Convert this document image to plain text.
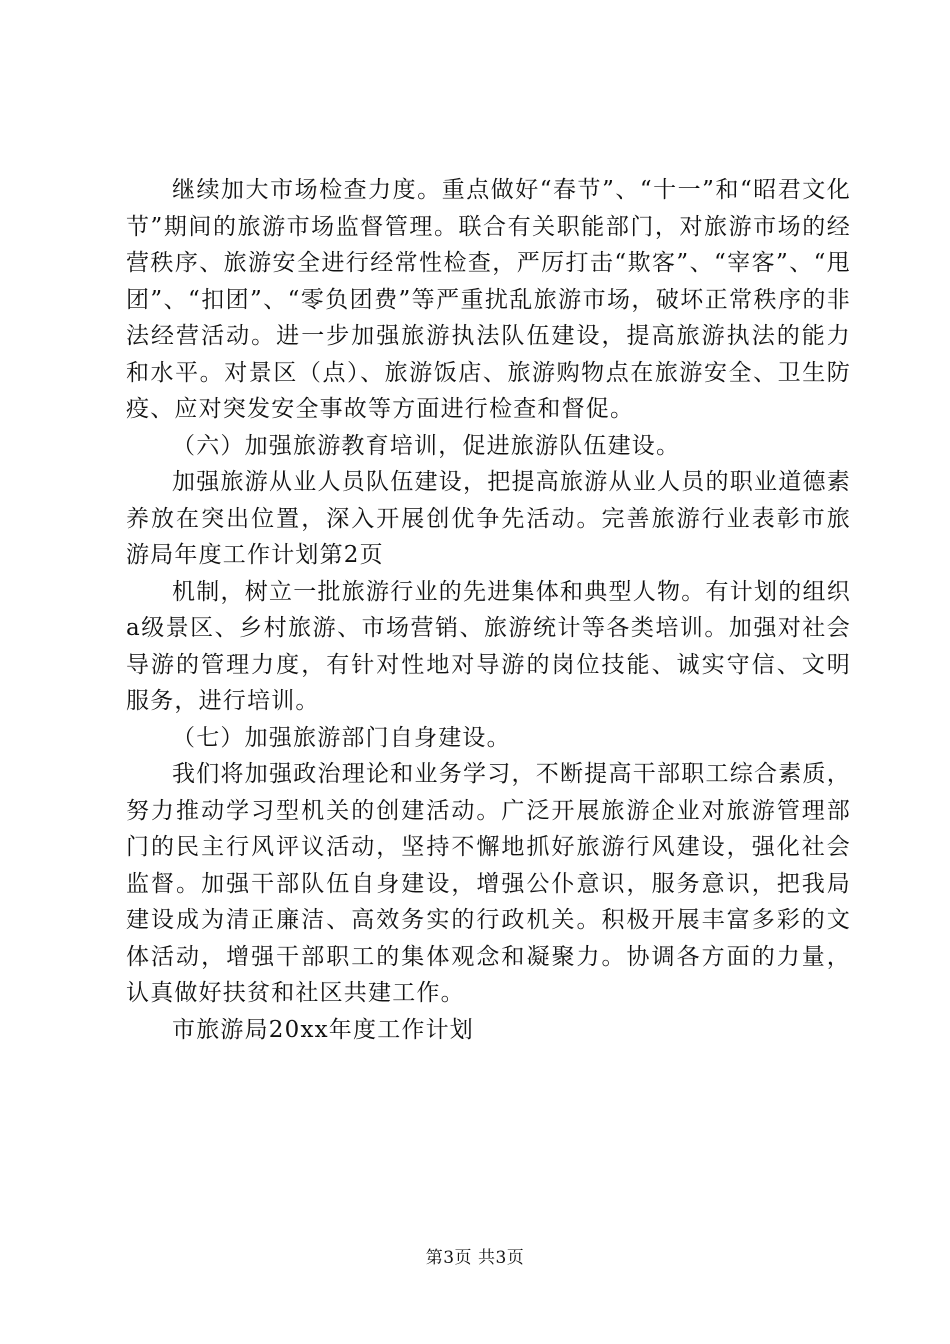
继续加大市场检查力度。重点做好“春节”、“十一”和“昭君文化节”期间的旅游市场监督管理。联合有关职能部门，对旅游市场的经营秩序、旅游安全进行经常性检查，严厉打击“欺客”、“宰客”、“甩团”、“扣团”、“零负团费”等严重扰乱旅游市场，破坏正常秩序的非法经营活动。进一步加强旅游执法队伍建设，提高旅游执法的能力和水平。对景区（点）、旅游饭店、旅游购物点在旅游安全、卫生防疫、应对突发安全事故等方面进行检查和督促。

（六）加强旅游教育培训，促进旅游队伍建设。

加强旅游从业人员队伍建设，把提高旅游从业人员的职业道德素养放在突出位置，深入开展创优争先活动。完善旅游行业表彰市旅游局年度工作计划第2页

机制，树立一批旅游行业的先进集体和典型人物。有计划的组织a级景区、乡村旅游、市场营销、旅游统计等各类培训。加强对社会导游的管理力度，有针对性地对导游的岗位技能、诚实守信、文明服务，进行培训。

（七）加强旅游部门自身建设。

我们将加强政治理论和业务学习，不断提高干部职工综合素质，努力推动学习型机关的创建活动。广泛开展旅游企业对旅游管理部门的民主行风评议活动，坚持不懈地抓好旅游行风建设，强化社会监督。加强干部队伍自身建设，增强公仆意识，服务意识，把我局建设成为清正廉洁、高效务实的行政机关。积极开展丰富多彩的文体活动，增强干部职工的集体观念和凝聚力。协调各方面的力量，认真做好扶贫和社区共建工作。

市旅游局20xx年度工作计划

第3页 共3页
